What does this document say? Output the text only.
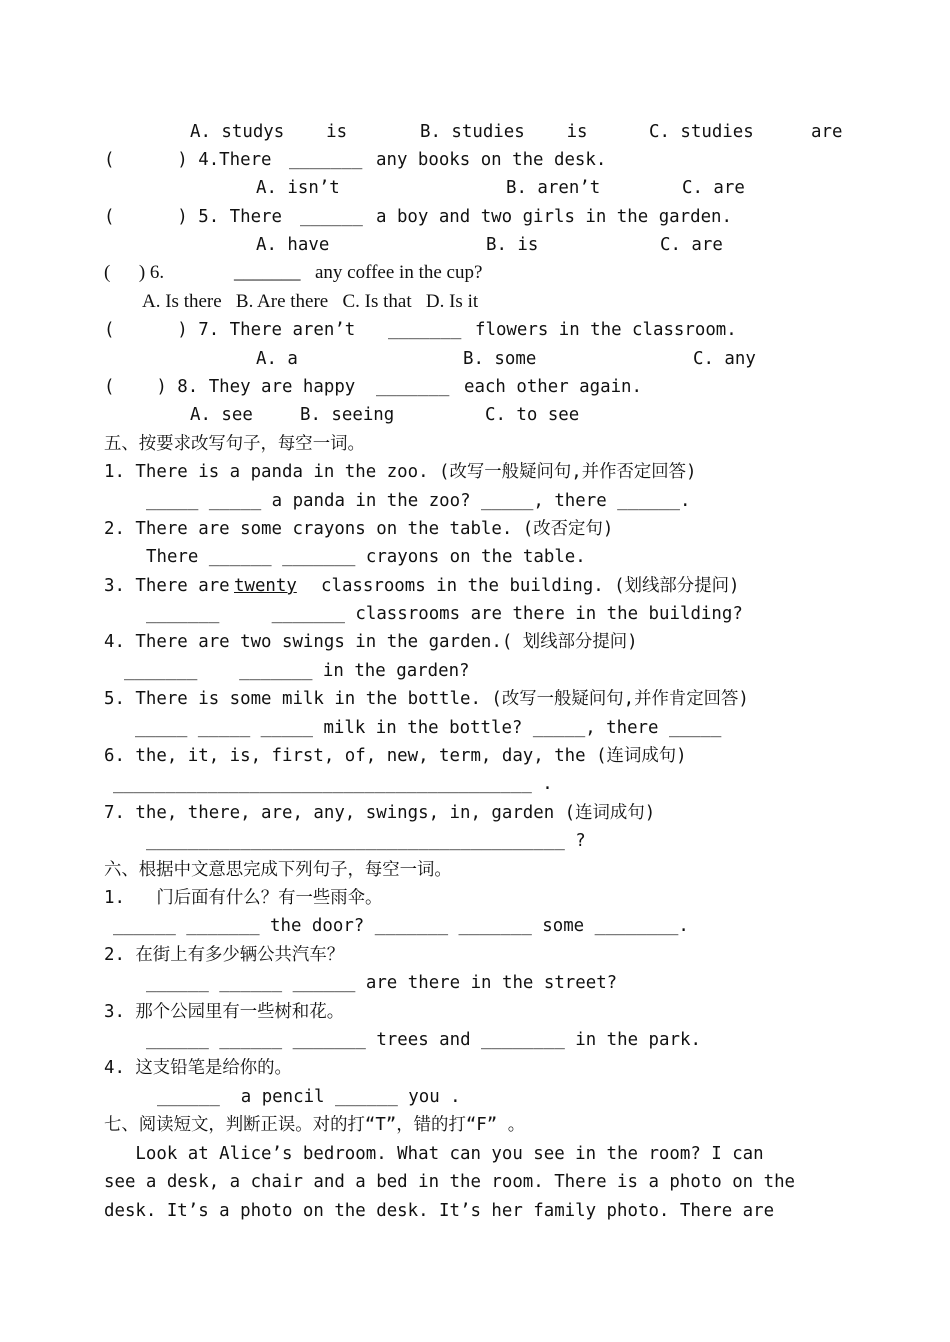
A. studys    is

	B. studies    is

	C. studies

	are

(      ) 4.There

_______

any books on the desk.

A. isn’t

	B. aren’t

	C. are

(      ) 5. There

______

a boy and two girls in the garden.

A. have

	B. is

	C. are

(      ) 6.

	_______

any coffee in the cup?

A. Is there   B. Are there   C. Is that   D. Is it

(      ) 7. There aren’t

_______

flowers in the classroom.

A. a

	B. some

	C. any

(    ) 8. They are happy

_______

each other again.

A. see

	B. seeing

	C. to see

五、按要求改写句子，每空一词。

1. There is a panda in the zoo. (改写一般疑问句,并作否定回答)

_____ _____ a panda in the zoo? _____, there ______.

2. There are some crayons on the table. (改否定句)

There ______ _______ crayons on the table.

3. There are

twenty

classrooms in the building. (划线部分提问)

_______     _______ classrooms are there in the building?

4. There are two swings in the garden.( 划线部分提问)

_______    _______ in the garden?

5. There is some milk in the bottle. (改写一般疑问句,并作肯定回答)

_____ _____ _____ milk in the bottle? _____, there _____

6. the, it, is, first, of, new, term, day, the (连词成句)

________________________________________ .

7. the, there, are, any, swings, in, garden (连词成句)

________________________________________ ?

六、根据中文意思完成下列句子，每空一词。

1.   门后面有什么？有一些雨伞。

______ _______ the door? _______ _______ some ________.

2. 在街上有多少辆公共汽车？

______ ______ ______ are there in the street?

3. 那个公园里有一些树和花。

______ ______ _______ trees and ________ in the park.

4. 这支铅笔是给你的。

______  a pencil ______ you .

七、阅读短文，判断正误。对的打“T”，错的打“F” 。

Look at Alice’s bedroom. What can you see in the room? I can

see a desk, a chair and a bed in the room. There is a photo on the

desk. It’s a photo on the desk. It’s her family photo. There are
